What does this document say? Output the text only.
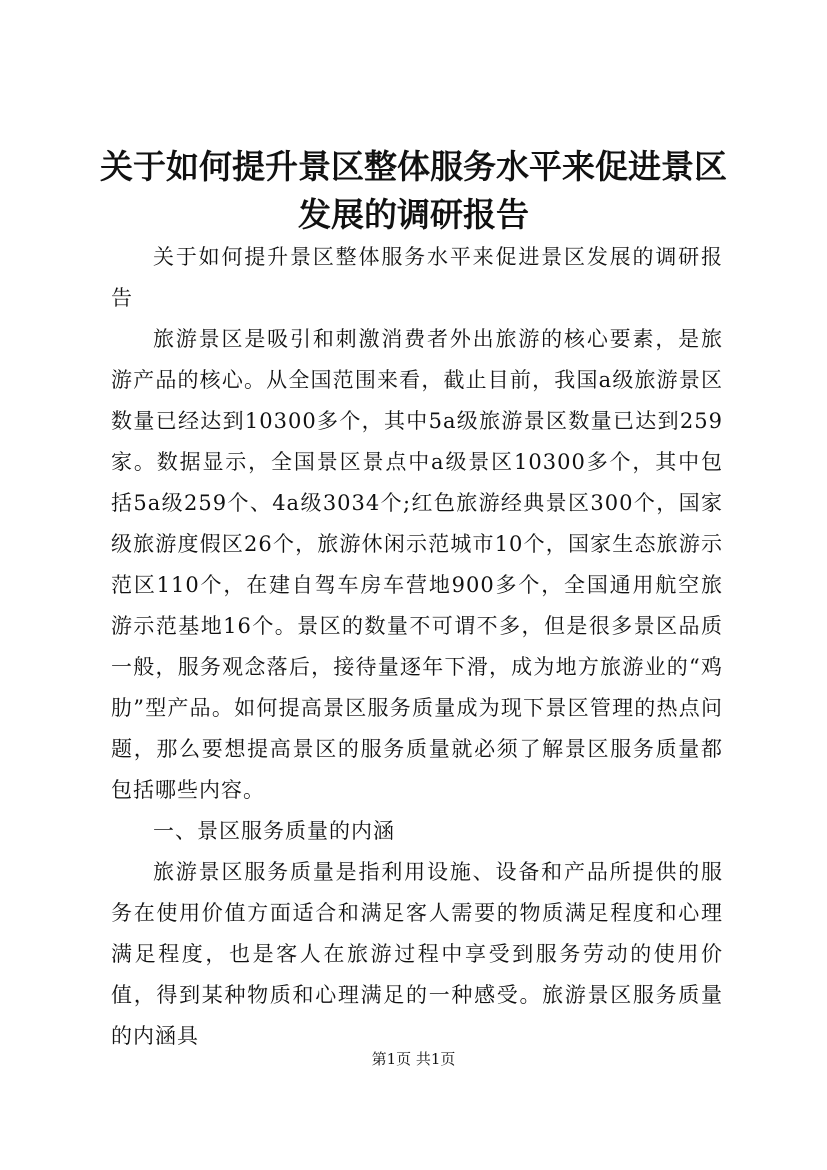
关于如何提升景区整体服务水平来促进景区发展的调研报告

关于如何提升景区整体服务水平来促进景区发展的调研报告

旅游景区是吸引和刺激消费者外出旅游的核心要素，是旅游产品的核心。从全国范围来看，截止目前，我国a级旅游景区数量已经达到10300多个，其中5a级旅游景区数量已达到259家。数据显示，全国景区景点中a级景区10300多个，其中包括5a级259个、4a级3034个;红色旅游经典景区300个，国家级旅游度假区26个，旅游休闲示范城市10个，国家生态旅游示范区110个，在建自驾车房车营地900多个，全国通用航空旅游示范基地16个。景区的数量不可谓不多，但是很多景区品质一般，服务观念落后，接待量逐年下滑，成为地方旅游业的“鸡肋”型产品。如何提高景区服务质量成为现下景区管理的热点问题，那么要想提高景区的服务质量就必须了解景区服务质量都包括哪些内容。

一、景区服务质量的内涵

旅游景区服务质量是指利用设施、设备和产品所提供的服务在使用价值方面适合和满足客人需要的物质满足程度和心理满足程度，也是客人在旅游过程中享受到服务劳动的使用价值，得到某种物质和心理满足的一种感受。旅游景区服务质量的内涵具

第1页 共1页
